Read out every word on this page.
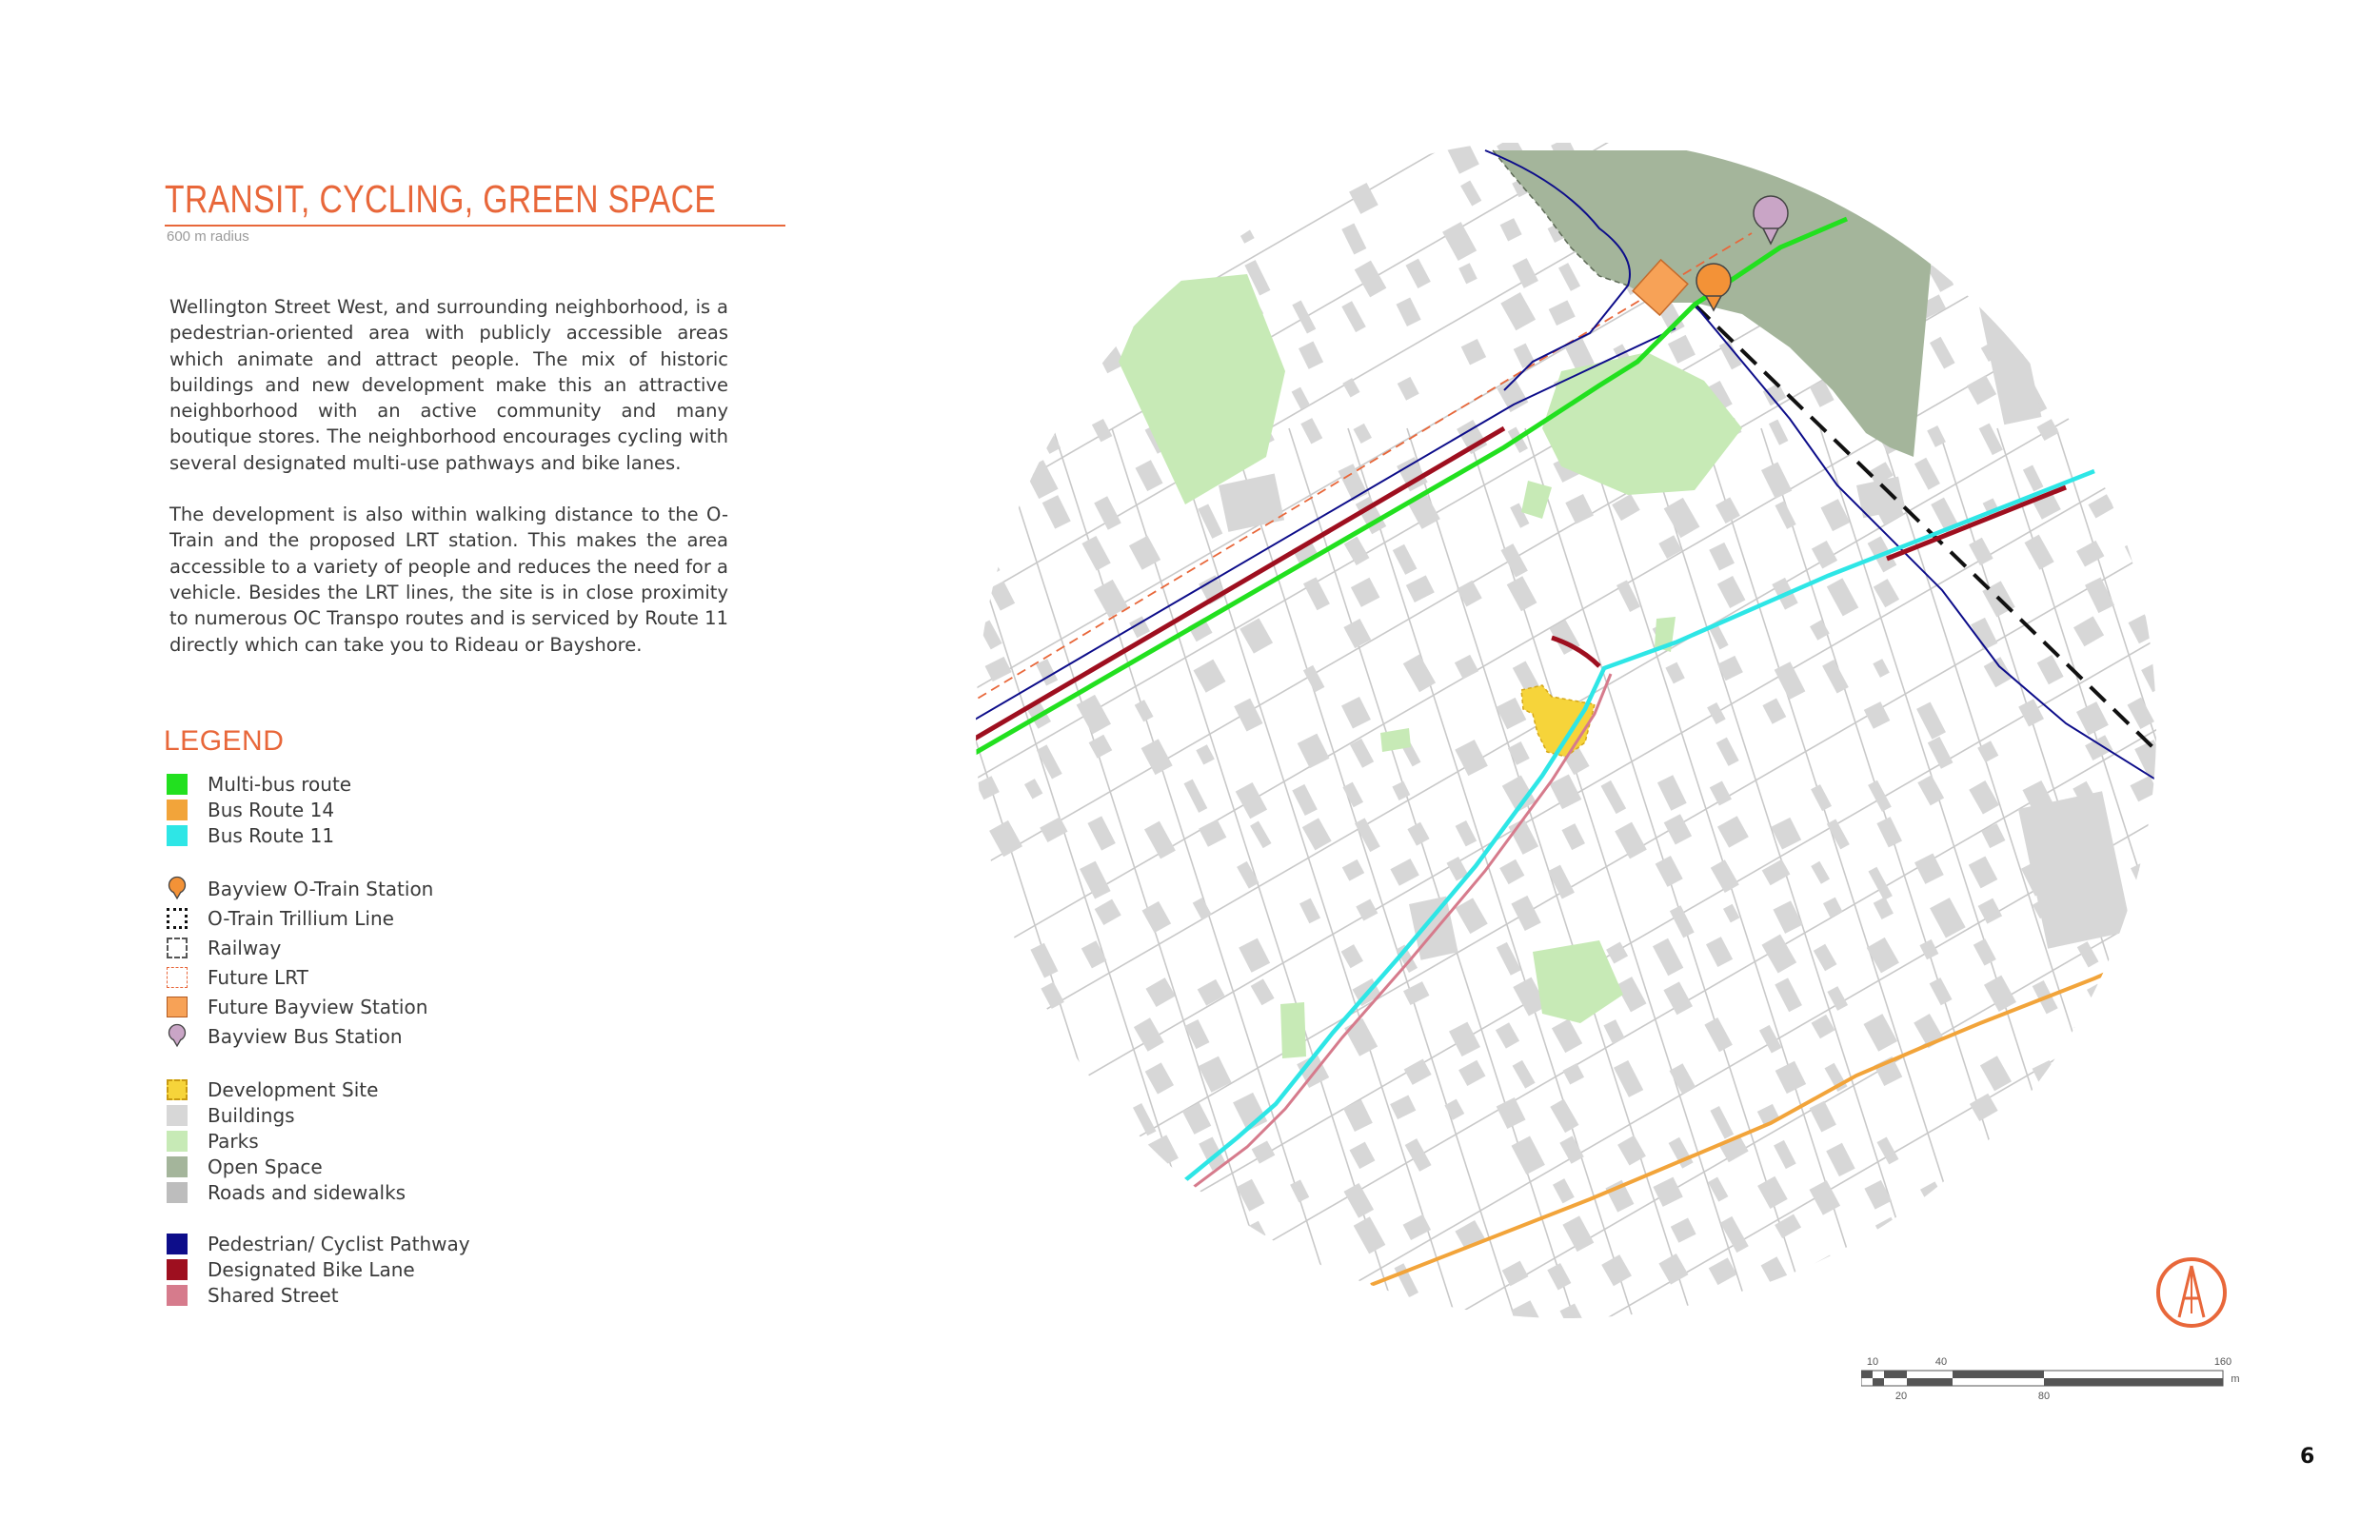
TRANSIT, CYCLING, GREEN SPACE
600 m radius

Wellington Street West, and surrounding neighborhood, is a pedestrian-oriented area with publicly accessible areas which animate and attract people. The mix of historic buildings and new development make this an attractive neighborhood with an active community and many boutique stores. The neighborhood encourages cycling with several designated multi-use pathways and bike lanes.

The development is also within walking distance to the O-Train and the proposed LRT station. This makes the area accessible to a variety of people and reduces the need for a vehicle. Besides the LRT lines, the site is in close proximity to numerous OC Transpo routes and is serviced by Route 11 directly which can take you to Rideau or Bayshore.

LEGEND
Multi-bus route
Bus Route 14
Bus Route 11
Bayview O-Train Station
O-Train Trillium Line
Railway
Future LRT
Future Bayview Station
Bayview Bus Station
Development Site
Buildings
Parks
Open Space
Roads and sidewalks
Pedestrian/ Cyclist Pathway
Designated Bike Lane
Shared Street
10	40	160
20	80
m
6
